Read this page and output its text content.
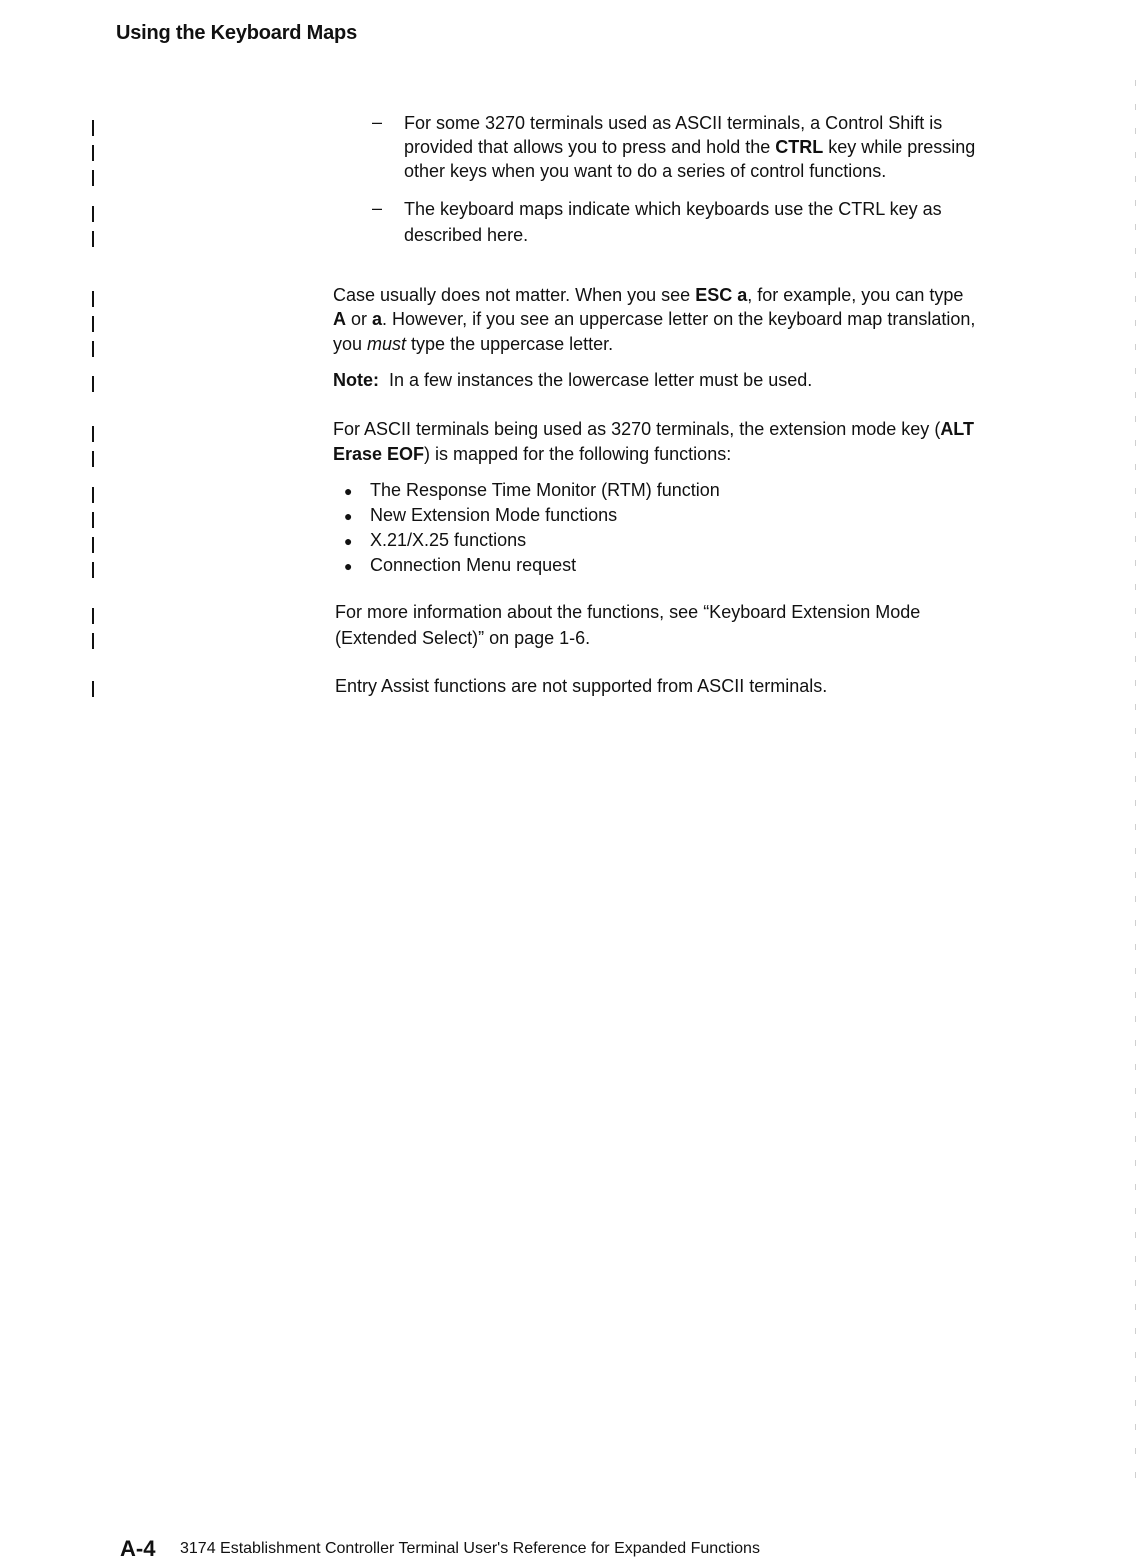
Using the Keyboard Maps
– For some 3270 terminals used as ASCII terminals, a Control Shift is
provided that allows you to press and hold the CTRL key while pressing
other keys when you want to do a series of control functions.
– The keyboard maps indicate which keyboards use the CTRL key as
described here.
Case usually does not matter. When you see ESC a, for example, you can type
A or a. However, if you see an uppercase letter on the keyboard map translation,
you must type the uppercase letter.
Note: In a few instances the lowercase letter must be used.
For ASCII terminals being used as 3270 terminals, the extension mode key (ALT
Erase EOF) is mapped for the following functions:
● The Response Time Monitor (RTM) function
● New Extension Mode functions
● X.21/X.25 functions
● Connection Menu request
For more information about the functions, see “Keyboard Extension Mode
(Extended Select)” on page 1-6.
Entry Assist functions are not supported from ASCII terminals.
A-4 3174 Establishment Controller Terminal User's Reference for Expanded Functions
